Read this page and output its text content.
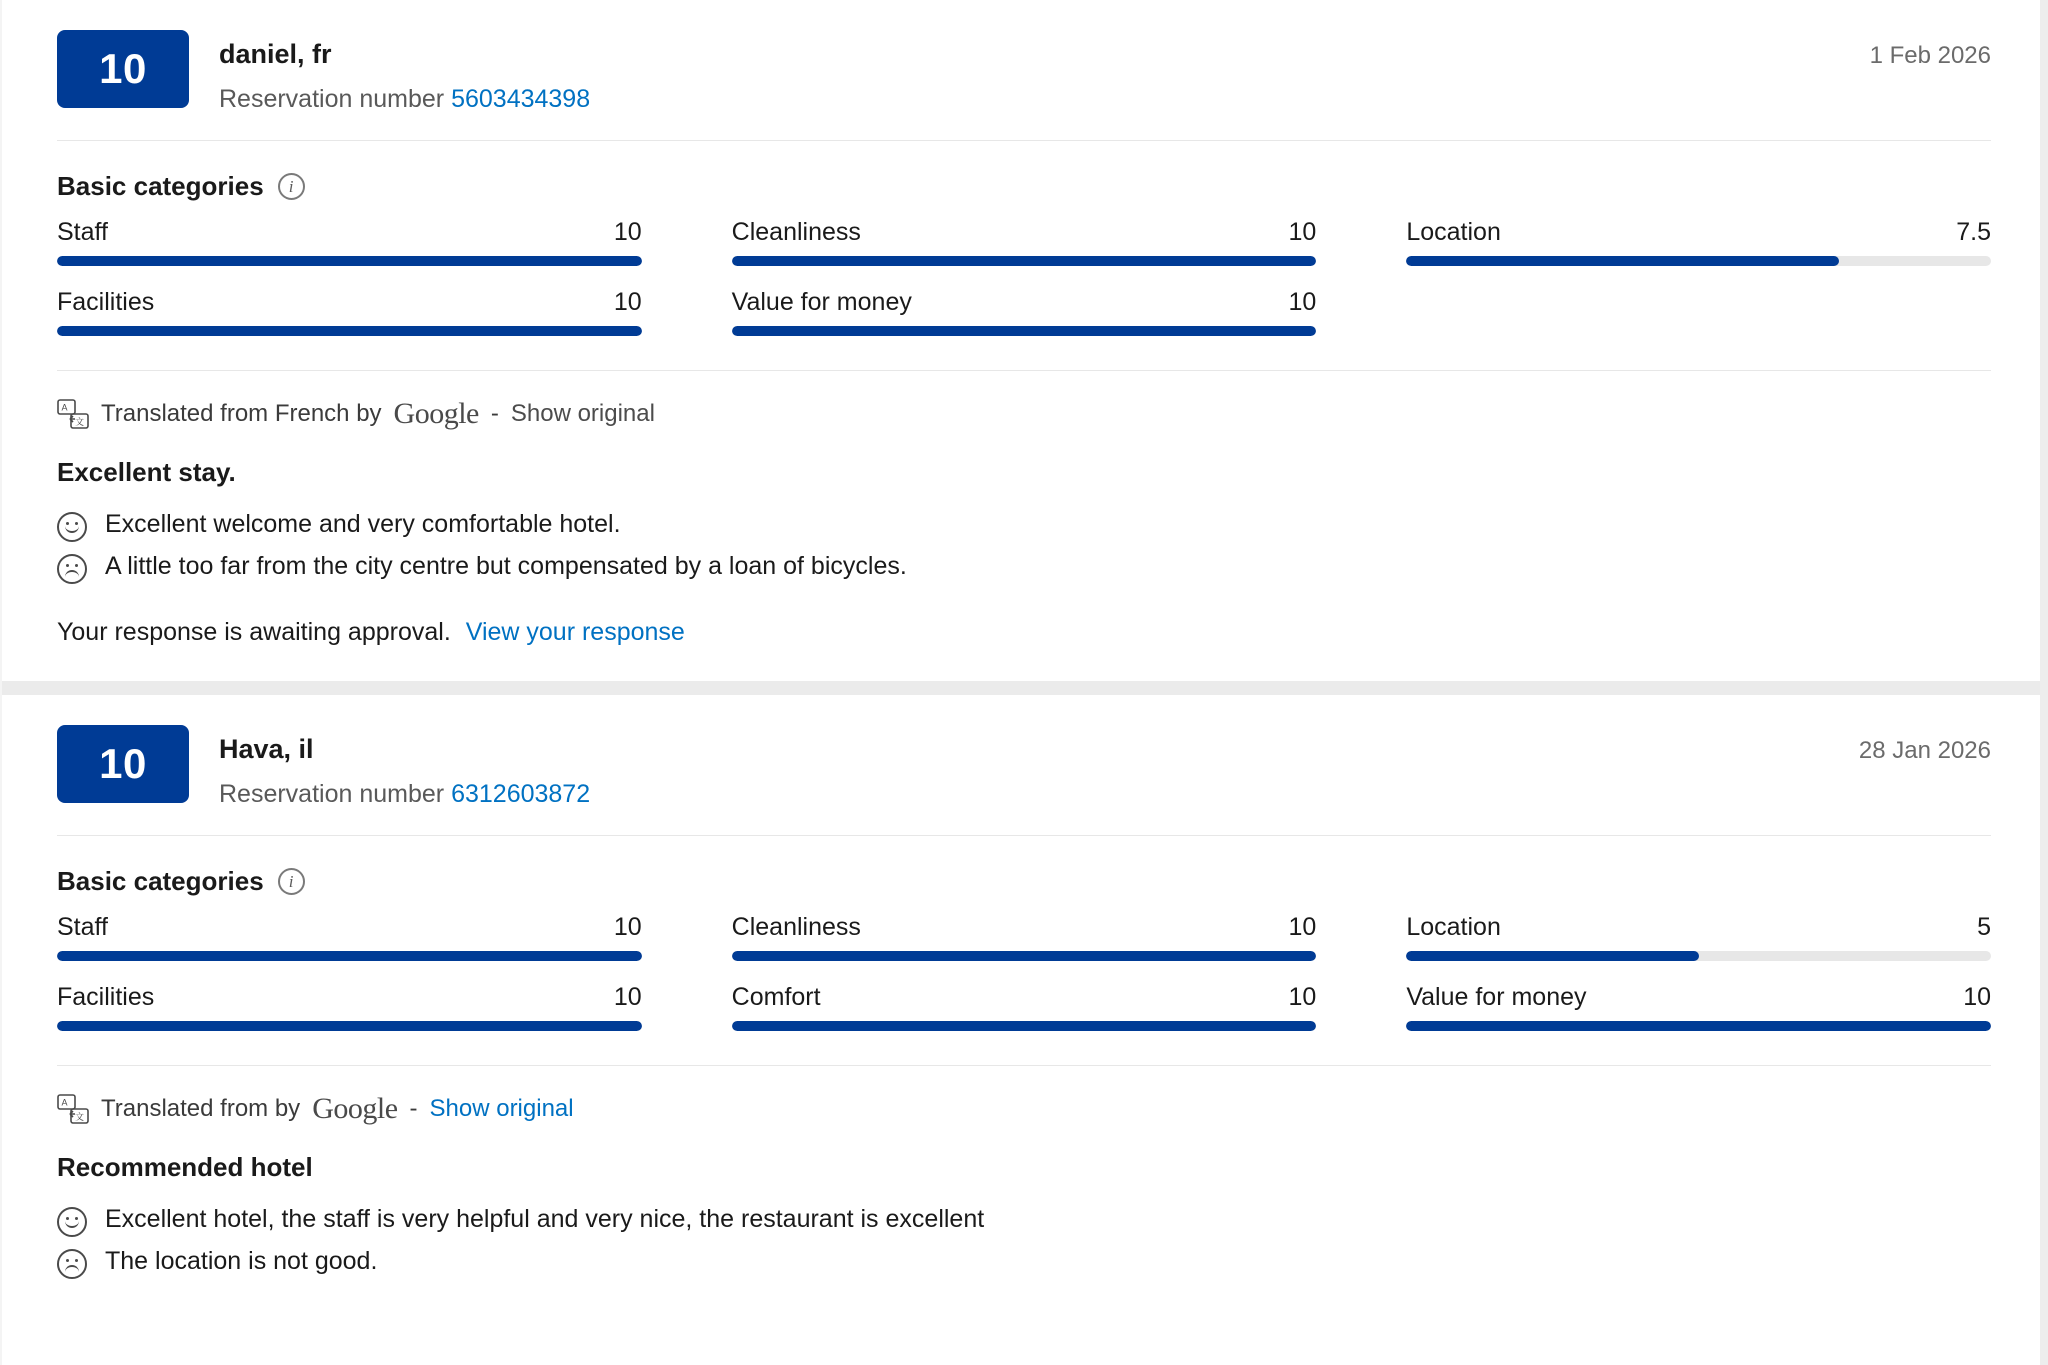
10	daniel, fr
Reservation number 5603434398
1 Feb 2026
Basic categories	i
Staff	10	Cleanliness	10	Location	7.5
Facilities	10	Value for money	10
A
文 Translated from French by Google - Show original
Excellent stay.
Excellent welcome and very comfortable hotel.
A little too far from the city centre but compensated by a loan of bicycles.
Your response is awaiting approval. View your response
10	Hava, il
Reservation number 6312603872
28 Jan 2026
Basic categories	i
Staff	10	Cleanliness	10	Location	5
Facilities	10	Comfort	10	Value for money	10
A
文 Translated from by Google - Show original
Recommended hotel
Excellent hotel, the staff is very helpful and very nice, the restaurant is excellent
The location is not good.
